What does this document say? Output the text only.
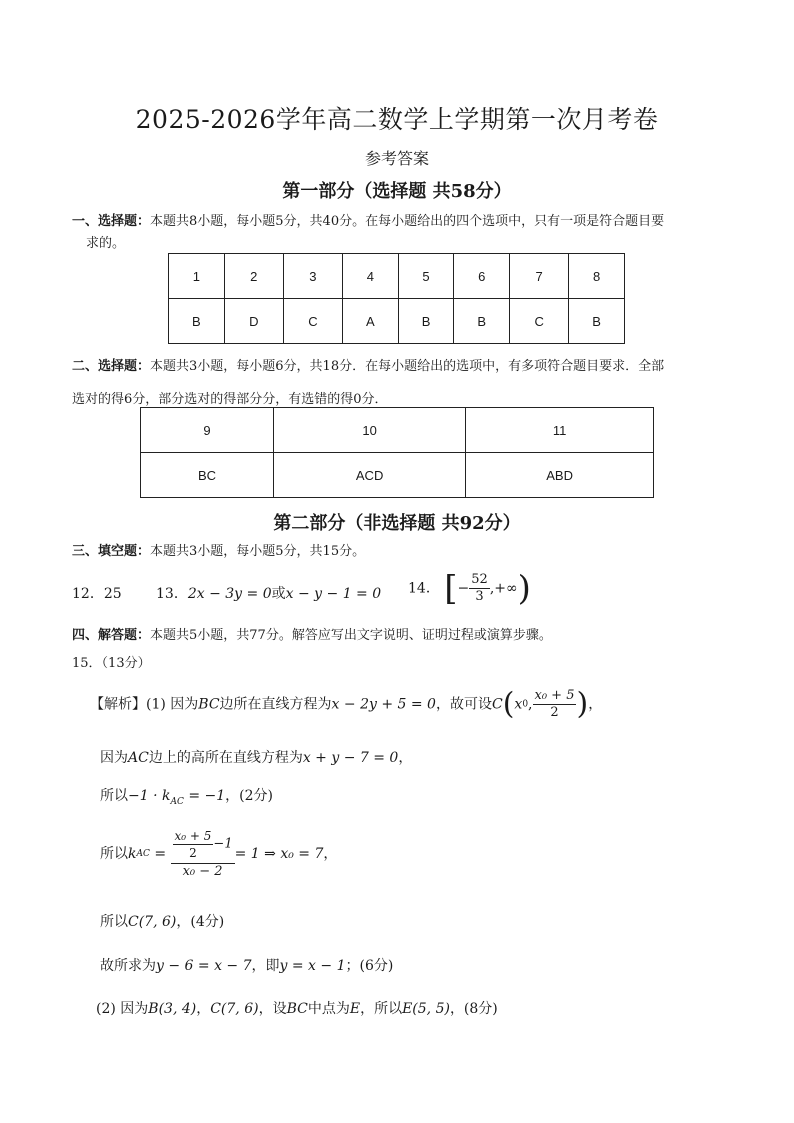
2025-2026学年高二数学上学期第一次月考卷
参考答案
第一部分（选择题 共58分）
一、选择题：本题共8小题，每小题5分，共40分。在每小题给出的四个选项中，只有一项是符合题目要
求的。
1	2	3	4	5	6	7	8
B	D	C	A	B	B	C	B
二、选择题：本题共3小题，每小题6分，共18分．在每小题给出的选项中，有多项符合题目要求．全部
选对的得6分，部分选对的得部分分，有选错的得0分．
9	10	11
BC	ACD	ABD
第二部分（非选择题 共92分）
三、填空题：本题共3小题，每小题5分，共15分。
12．25 13．2x − 3y = 0或x − y − 1 = 0 14． [− $\frac{52}{3}$ ,+∞)
四、解答题：本题共5小题，共77分。解答应写出文字说明、证明过程或演算步骤。
15．（13分）
【解析】(1) 因为BC边所在直线方程为x − 2y + 5 = 0，故可设C(x0, $\frac{\text{x₀ + 5}}{2}$ )，
因为AC边上的高所在直线方程为x + y − 7 = 0，
所以$-1 \cdot k_{AC} = -1$，(2分)
所以kAC = $\frac{\frac{\text{x₀ + 5}}{2} -1}{\text{x₀ − 2}} = 1$ ⇒ x₀ = 7，
所以C(7, 6)，(4分)
故所求为y − 6 = x − 7，即y = x − 1；(6分)
(2) 因为B(3, 4)，C(7, 6)，设BC中点为E，所以E(5, 5)，(8分)
